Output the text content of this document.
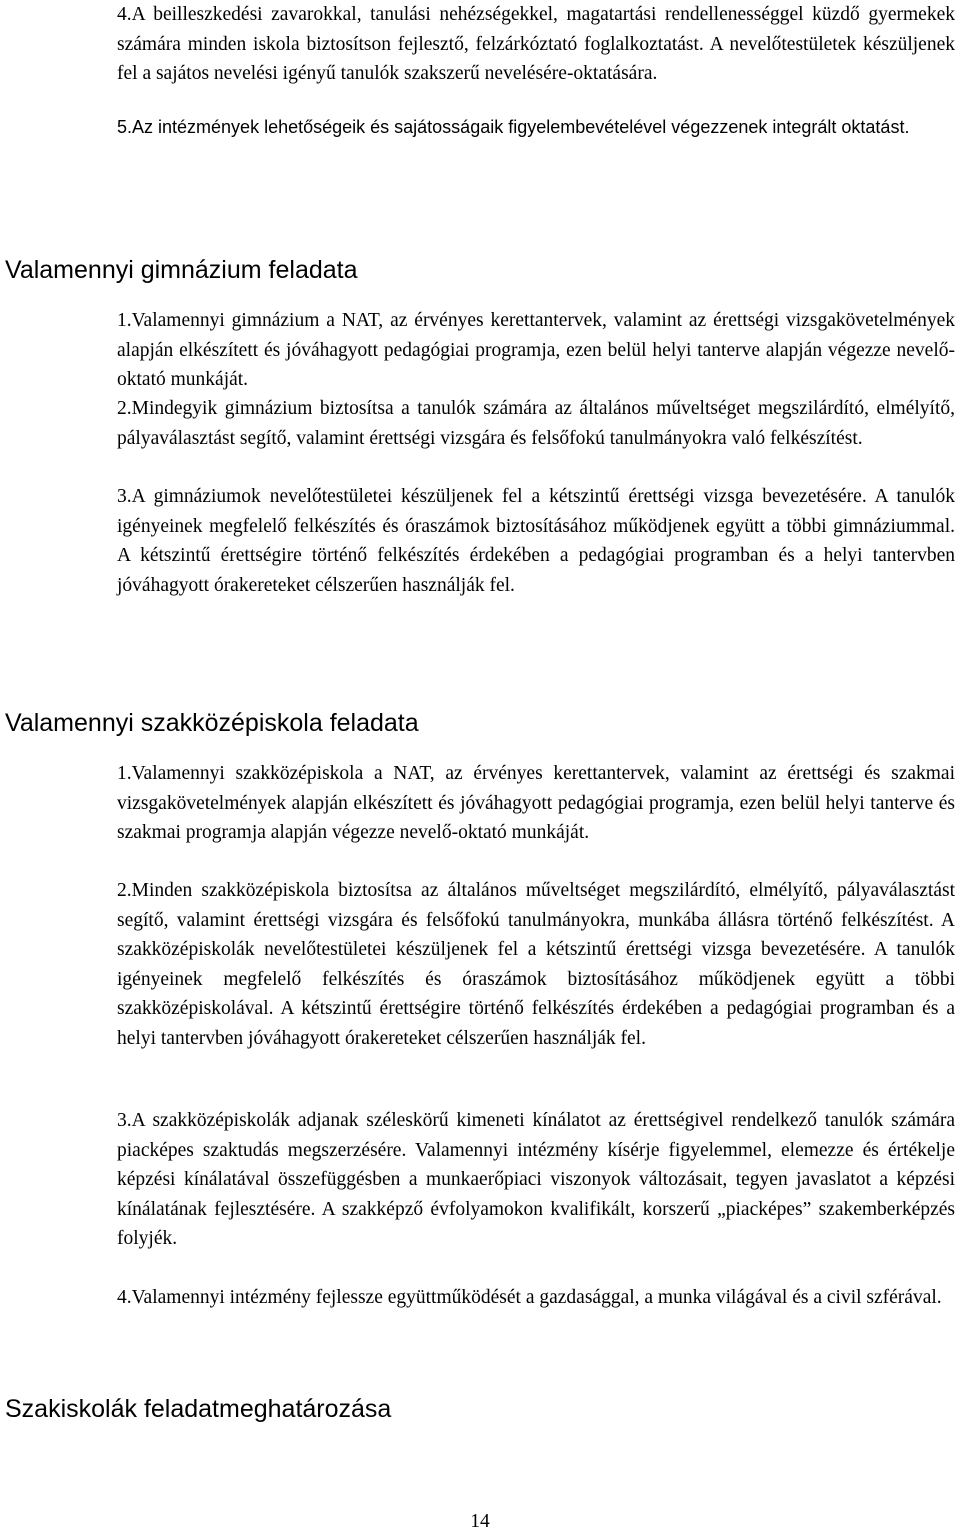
4.A beilleszkedési zavarokkal, tanulási nehézségekkel, magatartási rendellenességgel küzdő gyermekek számára minden iskola biztosítson fejlesztő, felzárkóztató foglalkoztatást. A nevelőtestületek készüljenek fel a sajátos nevelési igényű tanulók szakszerű nevelésére-oktatására.

5.Az intézmények lehetőségeik és sajátosságaik figyelembevételével végezzenek integrált oktatást.

Valamennyi gimnázium feladata

1.Valamennyi gimnázium a NAT, az érvényes kerettantervek, valamint az érettségi vizsgakövetelmények alapján elkészített és jóváhagyott pedagógiai programja, ezen belül helyi tanterve alapján végezze nevelő-oktató munkáját.

2.Mindegyik gimnázium biztosítsa a tanulók számára az általános műveltséget megszilárdító, elmélyítő, pályaválasztást segítő, valamint érettségi vizsgára és felsőfokú tanulmányokra való felkészítést.

3.A gimnáziumok nevelőtestületei készüljenek fel a kétszintű érettségi vizsga bevezetésére. A tanulók igényeinek megfelelő felkészítés és óraszámok biztosításához működjenek együtt a többi gimnáziummal. A kétszintű érettségire történő felkészítés érdekében a pedagógiai programban és a helyi tantervben jóváhagyott órakereteket célszerűen használják fel.

Valamennyi szakközépiskola feladata

1.Valamennyi szakközépiskola a NAT, az érvényes kerettantervek, valamint az érettségi és szakmai vizsgakövetelmények alapján elkészített és jóváhagyott pedagógiai programja, ezen belül helyi tanterve és szakmai programja alapján végezze nevelő-oktató munkáját.

2.Minden szakközépiskola biztosítsa az általános műveltséget megszilárdító, elmélyítő, pályaválasztást segítő, valamint érettségi vizsgára és felsőfokú tanulmányokra, munkába állásra történő felkészítést. A szakközépiskolák nevelőtestületei készüljenek fel a kétszintű érettségi vizsga bevezetésére. A tanulók igényeinek megfelelő felkészítés és óraszámok biztosításához működjenek együtt a többi szakközépiskolával. A kétszintű érettségire történő felkészítés érdekében a pedagógiai programban és a helyi tantervben jóváhagyott órakereteket célszerűen használják fel.

3.A szakközépiskolák adjanak széleskörű kimeneti kínálatot az érettségivel rendelkező tanulók számára piacképes szaktudás megszerzésére. Valamennyi intézmény kísérje figyelemmel, elemezze és értékelje képzési kínálatával összefüggésben a munkaerőpiaci viszonyok változásait, tegyen javaslatot a képzési kínálatának fejlesztésére. A szakképző évfolyamokon kvalifikált, korszerű „piacképes” szakemberképzés folyjék.

4.Valamennyi intézmény fejlessze együttműködését a gazdasággal, a munka világával és a civil szférával.

Szakiskolák feladatmeghatározása
14
